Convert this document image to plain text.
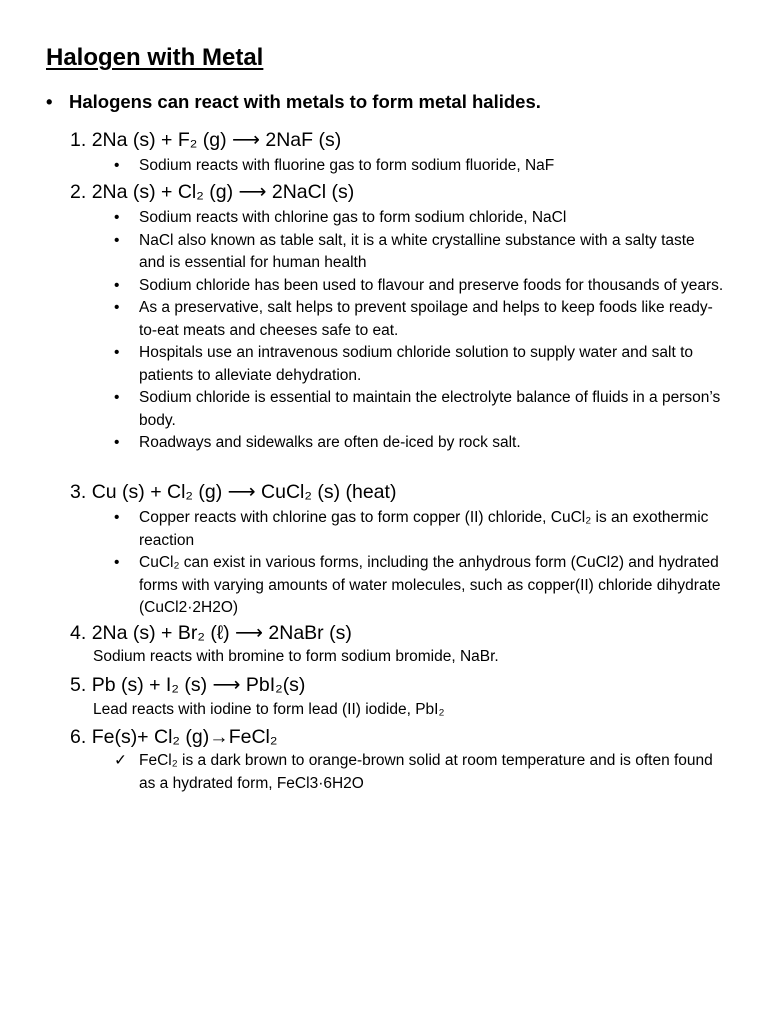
Halogen with Metal
• Halogens can react with metals to form metal halides.
1. 2Na (s) + F₂ (g) ⟶ 2NaF (s)
•	Sodium reacts with fluorine gas to form sodium fluoride, NaF
2. 2Na (s) + Cl₂ (g) ⟶ 2NaCl (s)
•	Sodium reacts with chlorine gas to form sodium chloride, NaCl
•	NaCl also known as table salt, it is a white crystalline substance with a salty taste and is essential for human health
•	Sodium chloride has been used to flavour and preserve foods for thousands of years.
•	As a preservative, salt helps to prevent spoilage and helps to keep foods like ready-to-eat meats and cheeses safe to eat.
•	Hospitals use an intravenous sodium chloride solution to supply water and salt to patients to alleviate dehydration.
•	Sodium chloride is essential to maintain the electrolyte balance of fluids in a person’s body.
•	Roadways and sidewalks are often de-iced by rock salt.
3. Cu (s) + Cl₂ (g) ⟶ CuCl₂ (s) (heat)
•	Copper reacts with chlorine gas to form copper (II) chloride, CuCl₂ is an exothermic reaction
•	CuCl₂ can exist in various forms, including the anhydrous form (CuCl2) and hydrated forms with varying amounts of water molecules, such as copper(II) chloride dihydrate (CuCl2·2H2O)
4. 2Na (s) + Br₂ (ℓ) ⟶ 2NaBr (s)
Sodium reacts with bromine to form sodium bromide, NaBr.
5. Pb (s) + I₂ (s) ⟶ PbI₂(s)
Lead reacts with iodine to form lead (II) iodide, PbI₂
6. Fe(s)+ Cl₂ (g)→FeCl₂
✓ FeCl₂ is a dark brown to orange-brown solid at room temperature and is often found as a hydrated form, FeCl3·6H2O
